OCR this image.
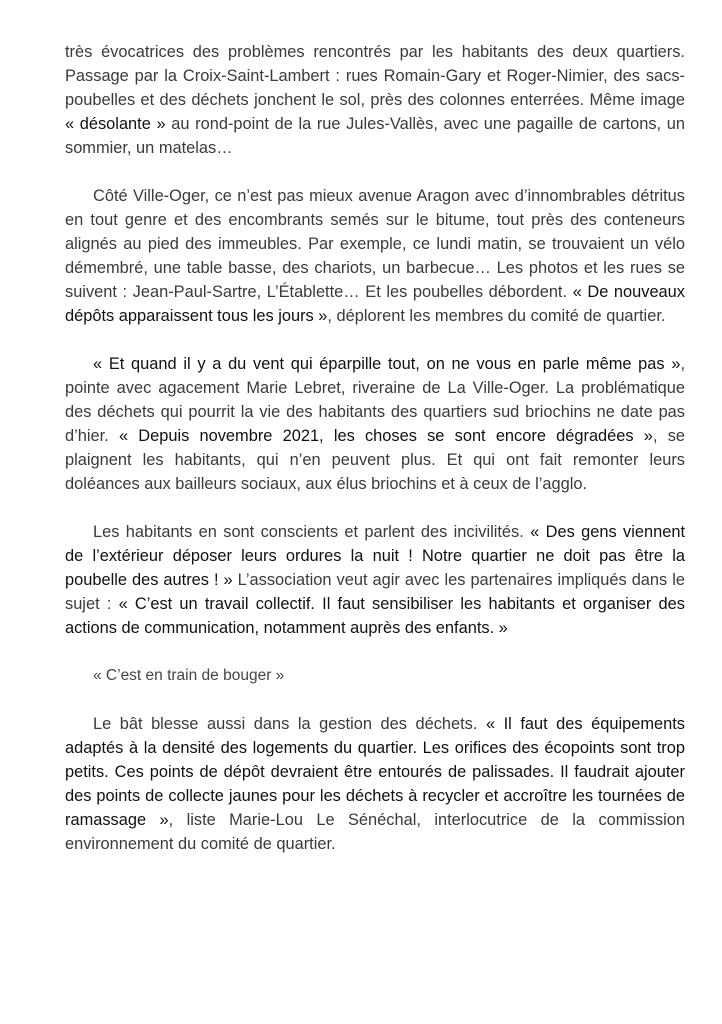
très évocatrices des problèmes rencontrés par les habitants des deux quartiers. Passage par la Croix-Saint-Lambert : rues Romain-Gary et Roger-Nimier, des sacs-poubelles et des déchets jonchent le sol, près des colonnes enterrées. Même image « désolante » au rond-point de la rue Jules-Vallès, avec une pagaille de cartons, un sommier, un matelas…

Côté Ville-Oger, ce n’est pas mieux avenue Aragon avec d’innombrables détritus en tout genre et des encombrants semés sur le bitume, tout près des conteneurs alignés au pied des immeubles. Par exemple, ce lundi matin, se trouvaient un vélo démembré, une table basse, des chariots, un barbecue… Les photos et les rues se suivent : Jean-Paul-Sartre, L’Établette… Et les poubelles débordent. « De nouveaux dépôts apparaissent tous les jours », déplorent les membres du comité de quartier.

« Et quand il y a du vent qui éparpille tout, on ne vous en parle même pas », pointe avec agacement Marie Lebret, riveraine de La Ville-Oger. La problématique des déchets qui pourrit la vie des habitants des quartiers sud briochins ne date pas d’hier. « Depuis novembre 2021, les choses se sont encore dégradées », se plaignent les habitants, qui n’en peuvent plus. Et qui ont fait remonter leurs doléances aux bailleurs sociaux, aux élus briochins et à ceux de l’agglo.

Les habitants en sont conscients et parlent des incivilités. « Des gens viennent de l’extérieur déposer leurs ordures la nuit ! Notre quartier ne doit pas être la poubelle des autres ! » L’association veut agir avec les partenaires impliqués dans le sujet : « C’est un travail collectif. Il faut sensibiliser les habitants et organiser des actions de communication, notamment auprès des enfants. »

« C’est en train de bouger »

Le bât blesse aussi dans la gestion des déchets. « Il faut des équipements adaptés à la densité des logements du quartier. Les orifices des écopoints sont trop petits. Ces points de dépôt devraient être entourés de palissades. Il faudrait ajouter des points de collecte jaunes pour les déchets à recycler et accroître les tournées de ramassage », liste Marie-Lou Le Sénéchal, interlocutrice de la commission environnement du comité de quartier.
